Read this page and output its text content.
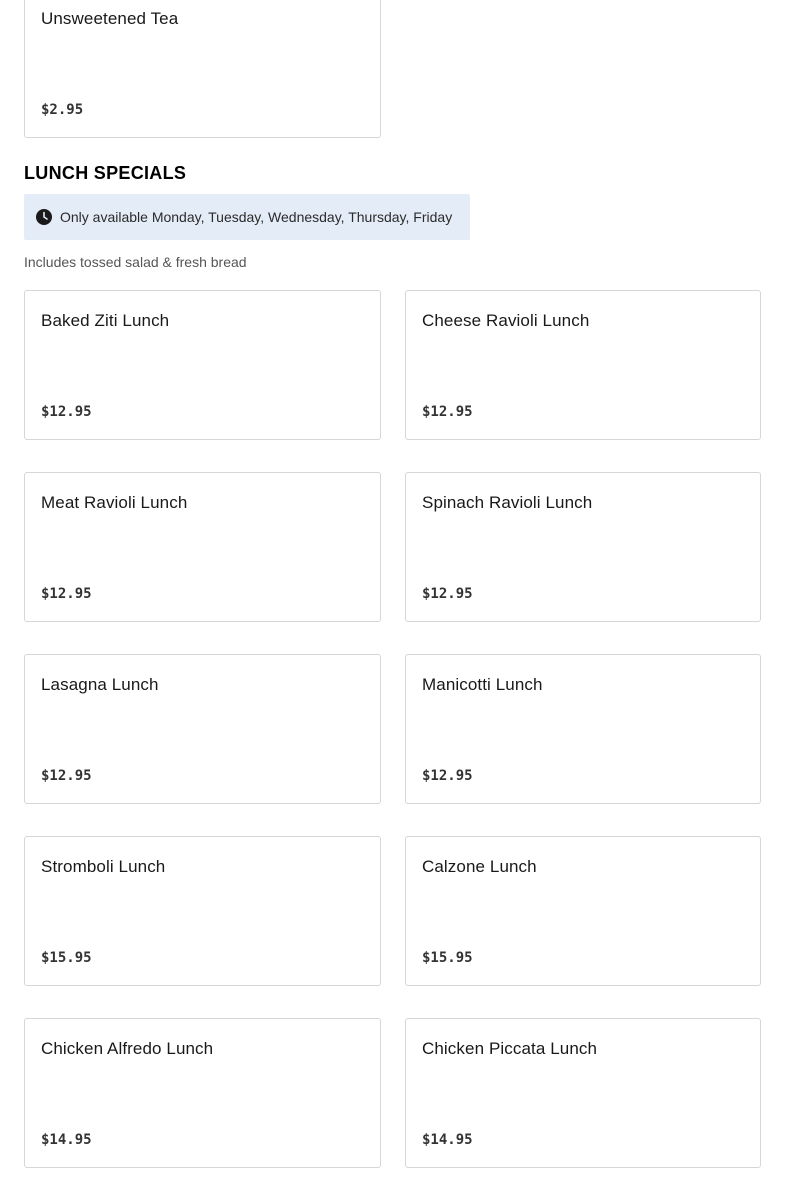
Unsweetened Tea
$2.95
LUNCH SPECIALS
Only available Monday, Tuesday, Wednesday, Thursday, Friday
Includes tossed salad & fresh bread
Baked Ziti Lunch
$12.95
Cheese Ravioli Lunch
$12.95
Meat Ravioli Lunch
$12.95
Spinach Ravioli Lunch
$12.95
Lasagna Lunch
$12.95
Manicotti Lunch
$12.95
Stromboli Lunch
$15.95
Calzone Lunch
$15.95
Chicken Alfredo Lunch
$14.95
Chicken Piccata Lunch
$14.95
